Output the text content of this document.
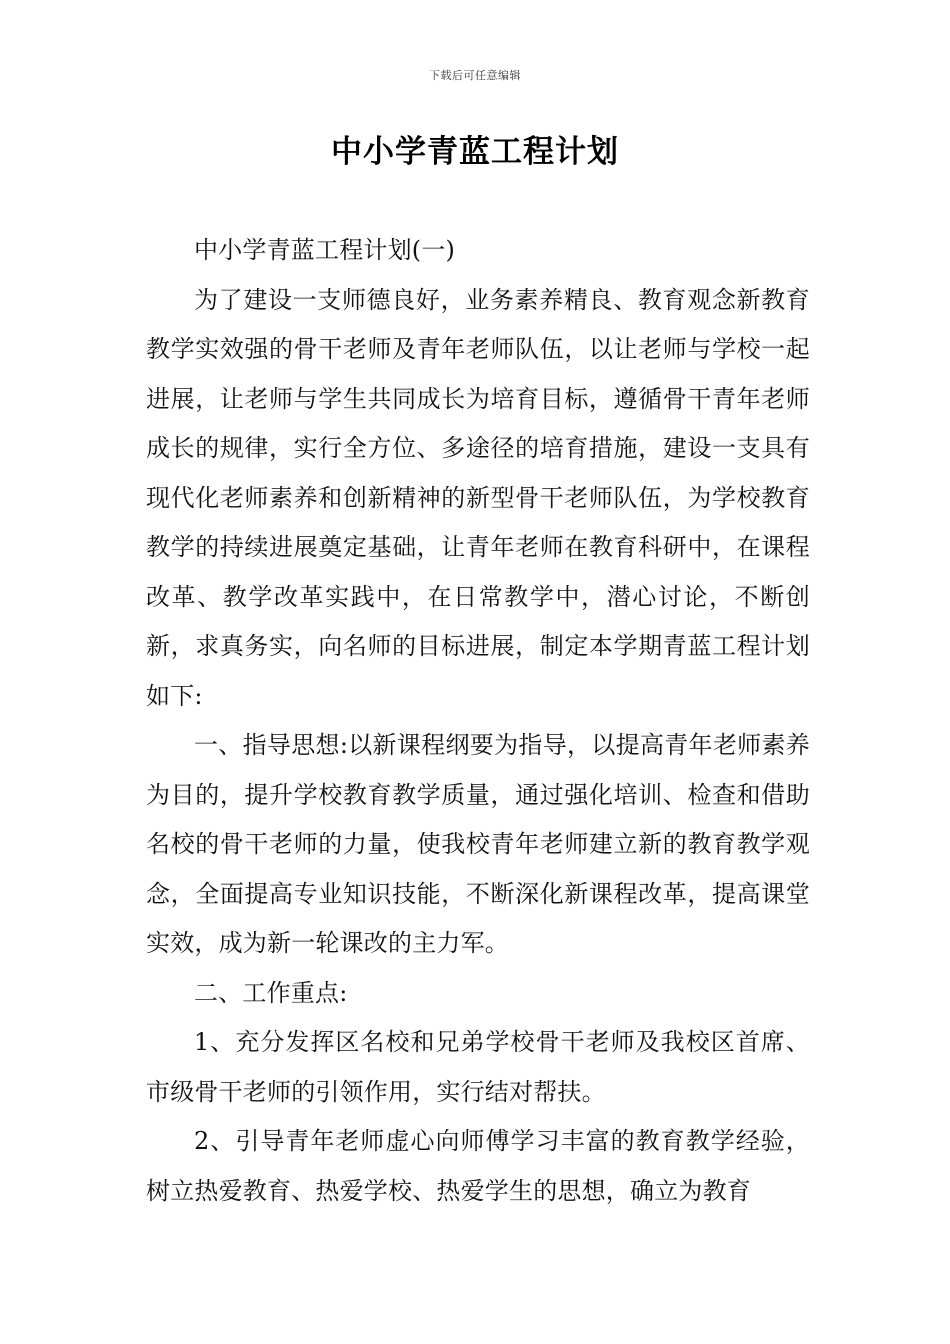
下载后可任意编辑
中小学青蓝工程计划

中小学青蓝工程计划(一)

为了建设一支师德良好，业务素养精良、教育观念新教育教学实效强的骨干老师及青年老师队伍，以让老师与学校一起进展，让老师与学生共同成长为培育目标，遵循骨干青年老师成长的规律，实行全方位、多途径的培育措施，建设一支具有现代化老师素养和创新精神的新型骨干老师队伍，为学校教育教学的持续进展奠定基础，让青年老师在教育科研中，在课程改革、教学改革实践中，在日常教学中，潜心讨论，不断创新，求真务实，向名师的目标进展，制定本学期青蓝工程计划如下:

一、指导思想:以新课程纲要为指导，以提高青年老师素养为目的，提升学校教育教学质量，通过强化培训、检查和借助名校的骨干老师的力量，使我校青年老师建立新的教育教学观念，全面提高专业知识技能，不断深化新课程改革，提高课堂实效，成为新一轮课改的主力军。

二、工作重点:

1、充分发挥区名校和兄弟学校骨干老师及我校区首席、市级骨干老师的引领作用，实行结对帮扶。

2、引导青年老师虚心向师傅学习丰富的教育教学经验，树立热爱教育、热爱学校、热爱学生的思想，确立为教育
